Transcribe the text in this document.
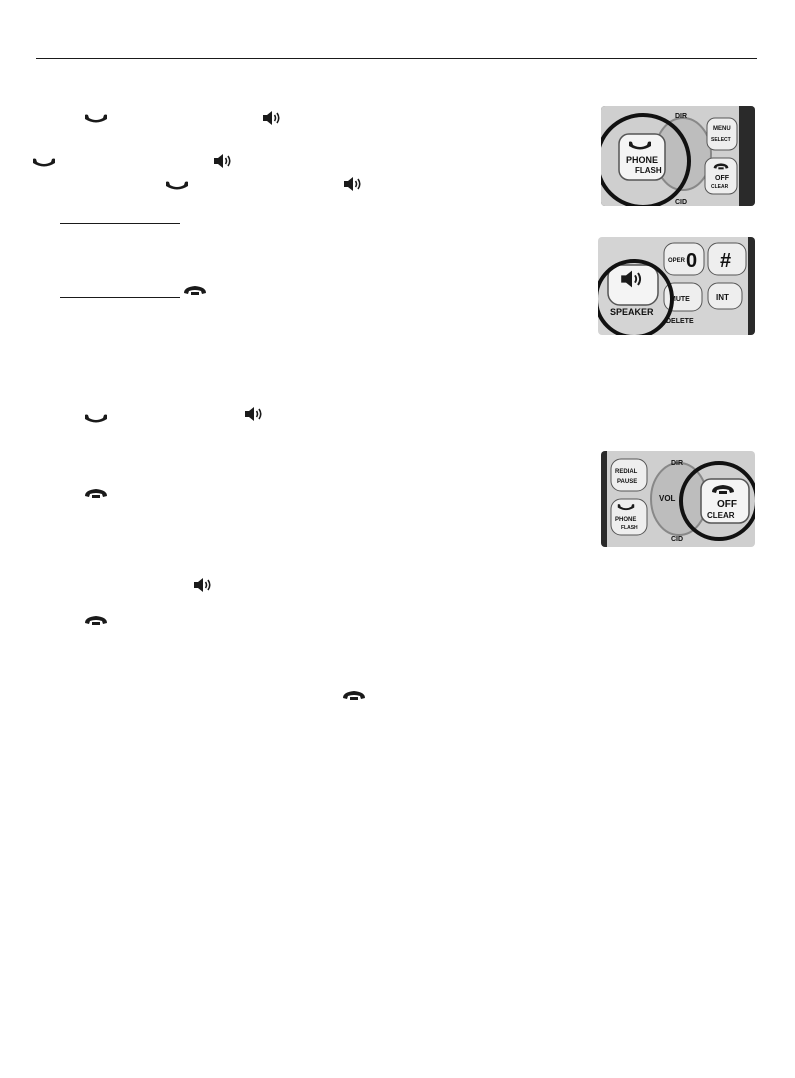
DIR
CID
MENU
SELECT
OFF
CLEAR
PHONE
FLASH
OPER 0 #
MUTE
DELETE
INT
SPEAKER
DIR
VOL
CID
REDIAL
PAUSE
PHONE
FLASH
OFF
CLEAR
